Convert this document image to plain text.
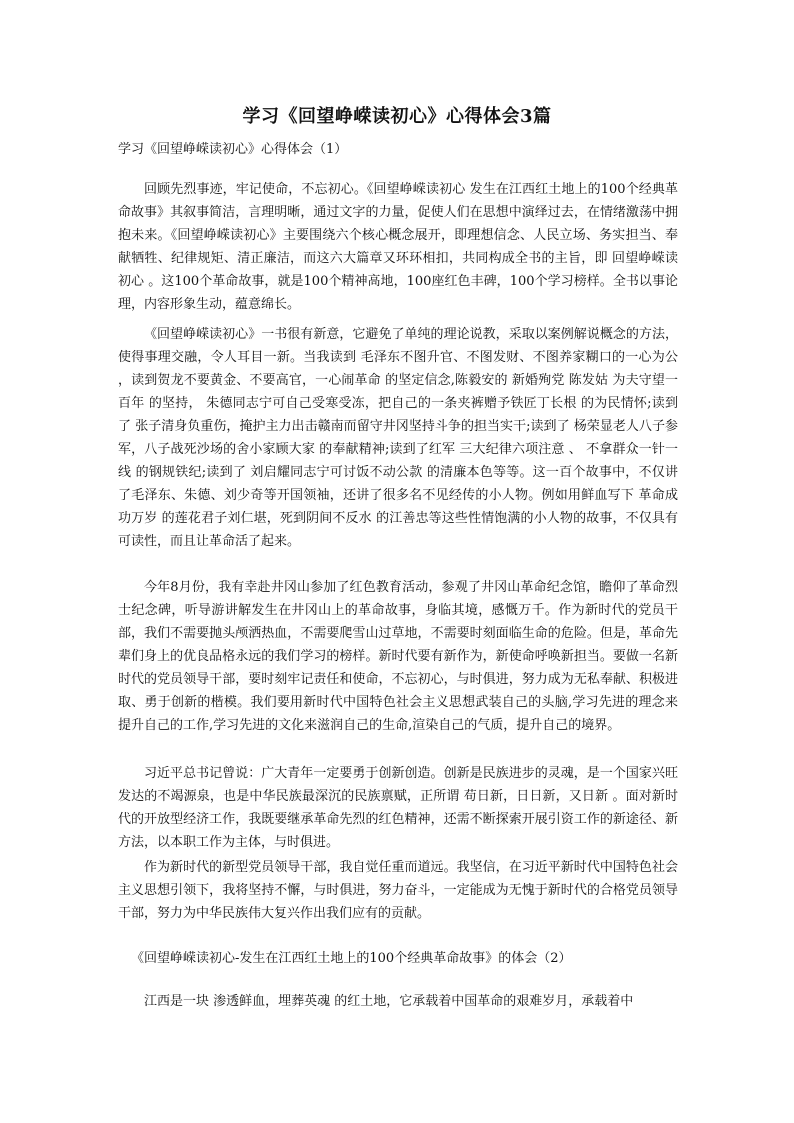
学习《回望峥嵘读初心》心得体会3篇
学习《回望峥嵘读初心》心得体会（1）
回顾先烈事迹，牢记使命，不忘初心。《回望峥嵘读初心 发生在江西红土地上的100个经典革命故事》其叙事简洁，言理明晰，通过文字的力量，促使人们在思想中演绎过去，在情绪激荡中拥抱未来。《回望峥嵘读初心》主要围绕六个核心概念展开，即理想信念、人民立场、务实担当、奉献牺牲、纪律规矩、清正廉洁，而这六大篇章又环环相扣，共同构成全书的主旨，即 回望峥嵘读初心 。这100个革命故事，就是100个精神高地，100座红色丰碑，100个学习榜样。全书以事论理，内容形象生动，蕴意绵长。
《回望峥嵘读初心》一书很有新意，它避免了单纯的理论说教，采取以案例解说概念的方法，使得事理交融，令人耳目一新。当我读到 毛泽东不图升官、不图发财、不图养家糊口的一心为公 ，读到贺龙不要黄金、不要高官，一心闹革命 的坚定信念,陈毅安的 新婚殉党 陈发姑 为夫守望一百年 的坚持， 朱德同志宁可自己受寒受冻，把自己的一条夹裤赠予铁匠丁长根 的为民情怀;读到了 张子清身负重伤，掩护主力出击赣南而留守井冈坚持斗争的担当实干;读到了 杨荣显老人八子参军，八子战死沙场的舍小家顾大家 的奉献精神;读到了红军 三大纪律六项注意 、 不拿群众一针一线 的钢规铁纪;读到了 刘启耀同志宁可讨饭不动公款 的清廉本色等等。这一百个故事中，不仅讲了毛泽东、朱德、刘少奇等开国领袖，还讲了很多名不见经传的小人物。例如用鲜血写下 革命成功万岁 的莲花君子刘仁堪，死到阴间不反水 的江善忠等这些性情饱满的小人物的故事，不仅具有可读性，而且让革命活了起来。
今年8月份，我有幸赴井冈山参加了红色教育活动，参观了井冈山革命纪念馆，瞻仰了革命烈士纪念碑，听导游讲解发生在井冈山上的革命故事，身临其境，感慨万千。作为新时代的党员干部，我们不需要抛头颅洒热血，不需要爬雪山过草地，不需要时刻面临生命的危险。但是，革命先辈们身上的优良品格永远的我们学习的榜样。新时代要有新作为，新使命呼唤新担当。要做一名新时代的党员领导干部，要时刻牢记责任和使命，不忘初心，与时俱进，努力成为无私奉献、积极进取、勇于创新的楷模。我们要用新时代中国特色社会主义思想武装自己的头脑,学习先进的理念来提升自己的工作,学习先进的文化来滋润自己的生命,渲染自己的气质，提升自己的境界。
习近平总书记曾说：广大青年一定要勇于创新创造。创新是民族进步的灵魂，是一个国家兴旺发达的不竭源泉，也是中华民族最深沉的民族禀赋，正所谓 苟日新，日日新，又日新 。面对新时代的开放型经济工作，我既要继承革命先烈的红色精神，还需不断探索开展引资工作的新途径、新方法，以本职工作为主体，与时俱进。
作为新时代的新型党员领导干部，我自觉任重而道远。我坚信，在习近平新时代中国特色社会主义思想引领下，我将坚持不懈，与时俱进，努力奋斗，一定能成为无愧于新时代的合格党员领导干部，努力为中华民族伟大复兴作出我们应有的贡献。
《回望峥嵘读初心-发生在江西红土地上的100个经典革命故事》的体会（2）
江西是一块 渗透鲜血，埋葬英魂 的红土地，它承载着中国革命的艰难岁月，承载着中
